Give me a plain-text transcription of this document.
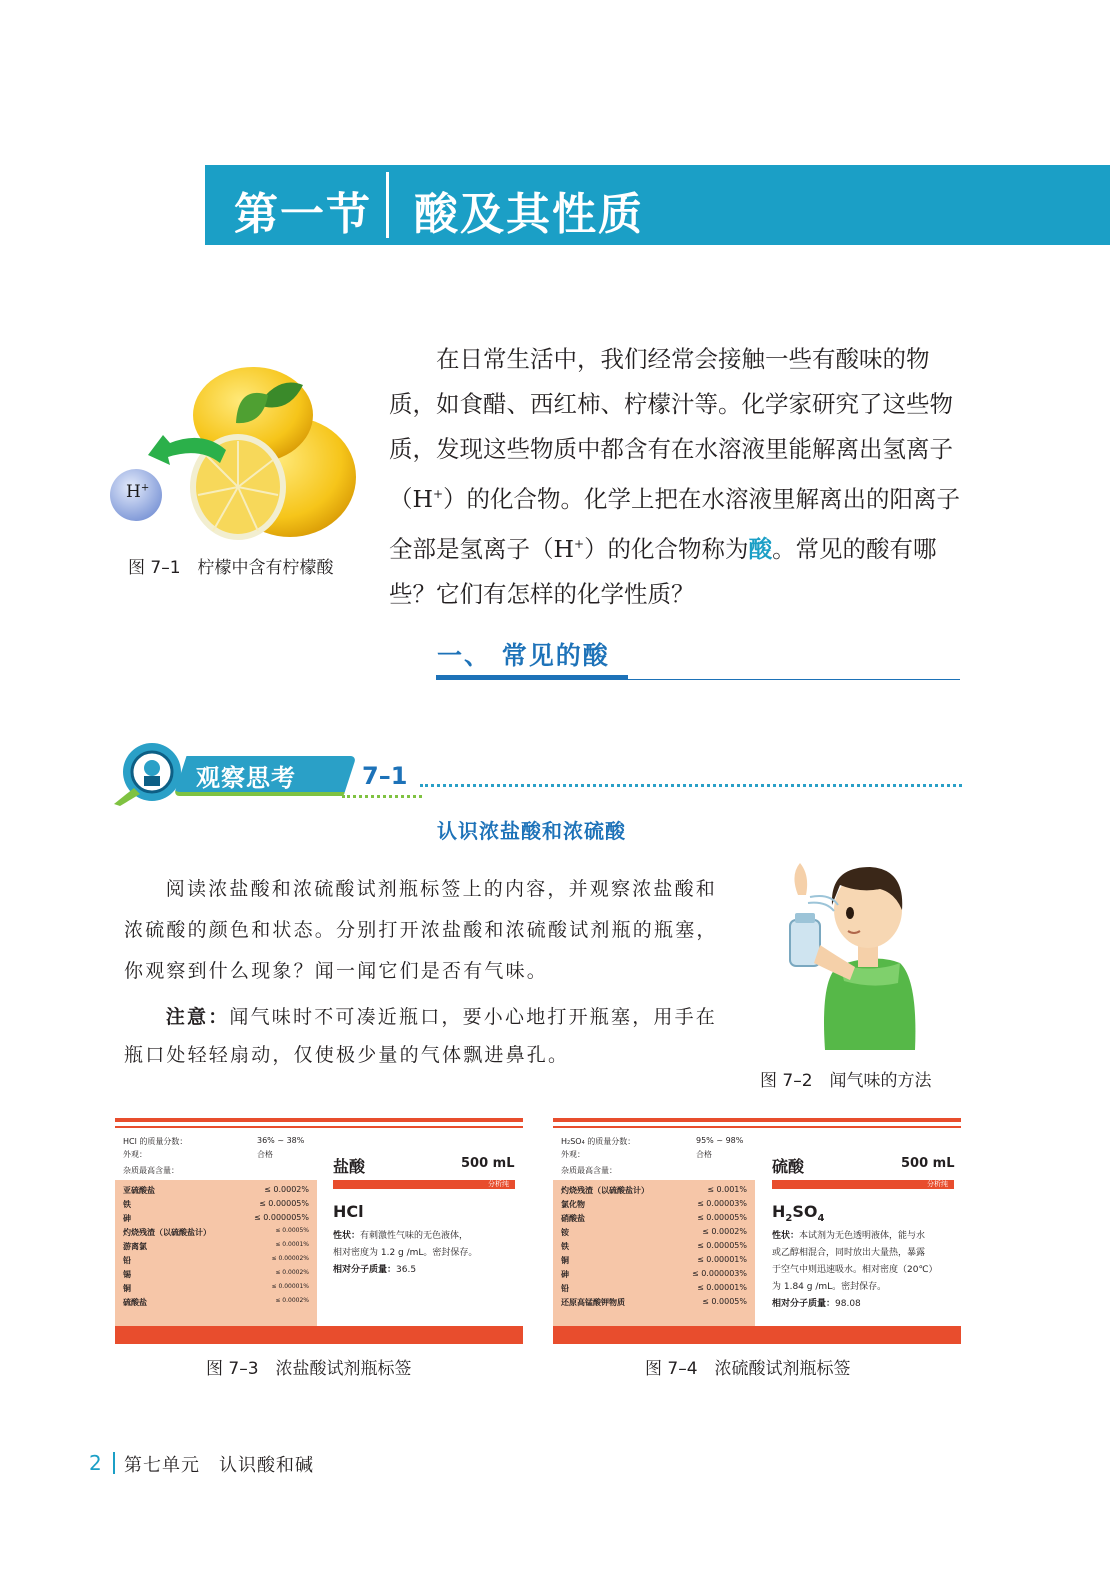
第一节 酸及其性质
H+
图 7–1　柠檬中含有柠檬酸

在日常生活中，我们经常会接触一些有酸味的物质，如食醋、西红柿、柠檬汁等。化学家研究了这些物质，发现这些物质中都含有在水溶液里能解离出氢离子（H+）的化合物。化学上把在水溶液里解离出的阳离子全部是氢离子（H+）的化合物称为酸。常见的酸有哪些？它们有怎样的化学性质？

一、 常见的酸
观察思考	7–1
认识浓盐酸和浓硫酸

阅读浓盐酸和浓硫酸试剂瓶标签上的内容，并观察浓盐酸和浓硫酸的颜色和状态。分别打开浓盐酸和浓硫酸试剂瓶的瓶塞，你观察到什么现象？闻一闻它们是否有气味。

注意：闻气味时不可凑近瓶口，要小心地打开瓶塞，用手在瓶口处轻轻扇动，仅使极少量的气体飘进鼻孔。

图 7–2　闻气味的方法
HCl 的质量分数：	36% ~ 38%
外观：	合格
杂质最高含量：
亚硫酸盐	≤ 0.0002%
铁	≤ 0.00005%
砷	≤ 0.000005%
灼烧残渣（以硫酸盐计）	≤ 0.0005%
游离氯	≤ 0.0001%
铅	≤ 0.00002%
锡	≤ 0.0002%
铜	≤ 0.00001%
硫酸盐	≤ 0.0002%
盐酸	500 mL
分析纯
HCl
性状：有刺激性气味的无色液体，
相对密度为 1.2 g /mL。密封保存。
相对分子质量：36.5
H2SO4 的质量分数：	95% ~ 98%
外观：	合格
杂质最高含量：
灼烧残渣（以硫酸盐计）	≤ 0.001%
氯化物	≤ 0.00003%
硝酸盐	≤ 0.00005%
铵	≤ 0.0002%
铁	≤ 0.00005%
铜	≤ 0.00001%
砷	≤ 0.000003%
铅	≤ 0.00001%
还原高锰酸钾物质	≤ 0.0005%
硫酸	500 mL
分析纯
$H_2SO_4$
性状：本试剂为无色透明液体，能与水
或乙醇相混合，同时放出大量热，暴露
于空气中则迅速吸水。相对密度（20℃）
为 1.84 g /mL。密封保存。
相对分子质量：98.08
图 7–3　浓盐酸试剂瓶标签	图 7–4　浓硫酸试剂瓶标签
2 第七单元　认识酸和碱
